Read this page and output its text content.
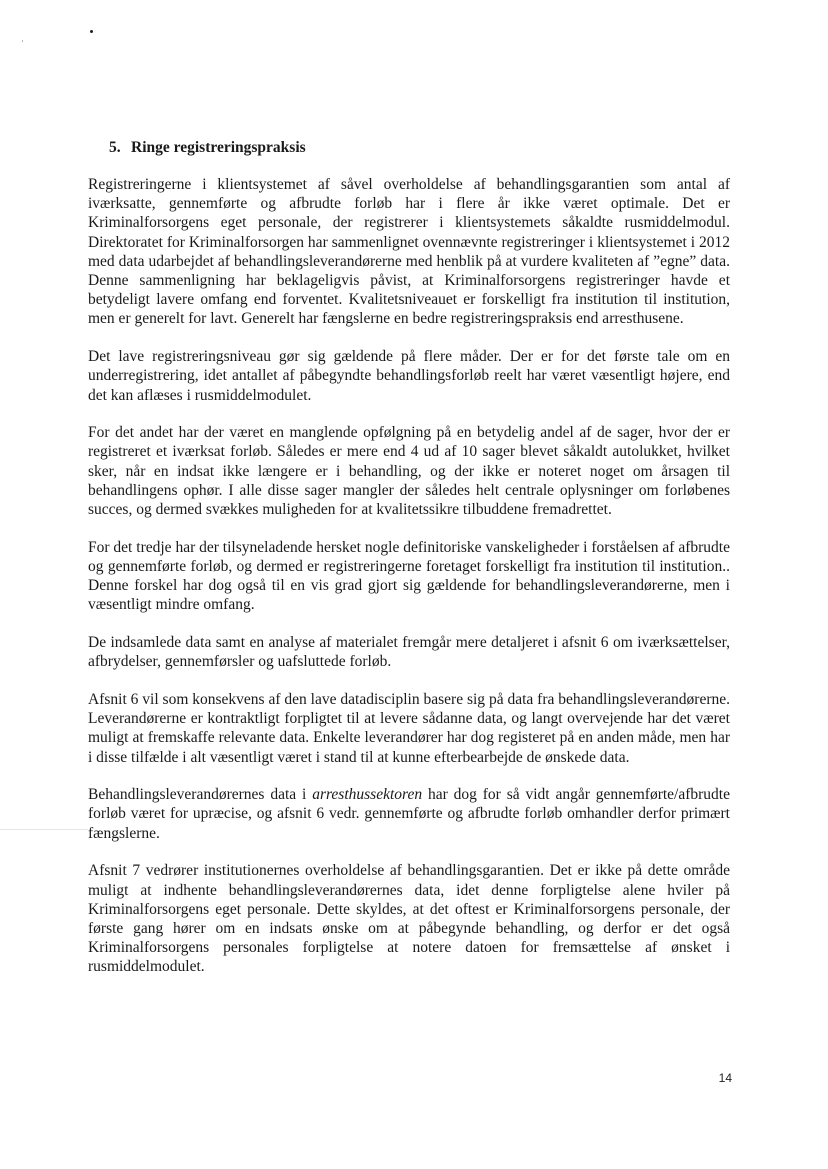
5. Ringe registreringspraksis

Registreringerne i klientsystemet af såvel overholdelse af behandlingsgarantien som antal af iværksatte, gennemførte og afbrudte forløb har i flere år ikke været optimale. Det er Kriminalforsorgens eget personale, der registrerer i klientsystemets såkaldte rusmiddelmodul. Direktoratet for Kriminalforsorgen har sammenlignet ovennævnte registreringer i klientsystemet i 2012 med data udarbejdet af behandlingsleverandørerne med henblik på at vurdere kvaliteten af ”egne” data. Denne sammenligning har beklageligvis påvist, at Kriminalforsorgens registreringer havde et betydeligt lavere omfang end forventet. Kvalitetsniveauet er forskelligt fra institution til institution, men er generelt for lavt. Generelt har fængslerne en bedre registreringspraksis end arresthusene.

Det lave registreringsniveau gør sig gældende på flere måder. Der er for det første tale om en underregistrering, idet antallet af påbegyndte behandlingsforløb reelt har været væsentligt højere, end det kan aflæses i rusmiddelmodulet.

For det andet har der været en manglende opfølgning på en betydelig andel af de sager, hvor der er registreret et iværksat forløb. Således er mere end 4 ud af 10 sager blevet såkaldt autolukket, hvilket sker, når en indsat ikke længere er i behandling, og der ikke er noteret noget om årsagen til behandlingens ophør. I alle disse sager mangler der således helt centrale oplysninger om forløbenes succes, og dermed svækkes muligheden for at kvalitetssikre tilbuddene fremadrettet.

For det tredje har der tilsyneladende hersket nogle definitoriske vanskeligheder i forståelsen af afbrudte og gennemførte forløb, og dermed er registreringerne foretaget forskelligt fra institution til institution.. Denne forskel har dog også til en vis grad gjort sig gældende for behandlingsleverandørerne, men i væsentligt mindre omfang.

De indsamlede data samt en analyse af materialet fremgår mere detaljeret i afsnit 6 om iværksættelser, afbrydelser, gennemførsler og uafsluttede forløb.

Afsnit 6 vil som konsekvens af den lave datadisciplin basere sig på data fra behandlingsleverandørerne. Leverandørerne er kontraktligt forpligtet til at levere sådanne data, og langt overvejende har det været muligt at fremskaffe relevante data. Enkelte leverandører har dog registeret på en anden måde, men har i disse tilfælde i alt væsentligt været i stand til at kunne efterbearbejde de ønskede data.

Behandlingsleverandørernes data i arresthussektoren har dog for så vidt angår gennemførte/afbrudte forløb været for upræcise, og afsnit 6 vedr. gennemførte og afbrudte forløb omhandler derfor primært fængslerne.

Afsnit 7 vedrører institutionernes overholdelse af behandlingsgarantien. Det er ikke på dette område muligt at indhente behandlingsleverandørernes data, idet denne forpligtelse alene hviler på Kriminalforsorgens eget personale. Dette skyldes, at det oftest er Kriminalforsorgens personale, der første gang hører om en indsats ønske om at påbegynde behandling, og derfor er det også Kriminalforsorgens personales forpligtelse at notere datoen for fremsættelse af ønsket i rusmiddelmodulet.

14
